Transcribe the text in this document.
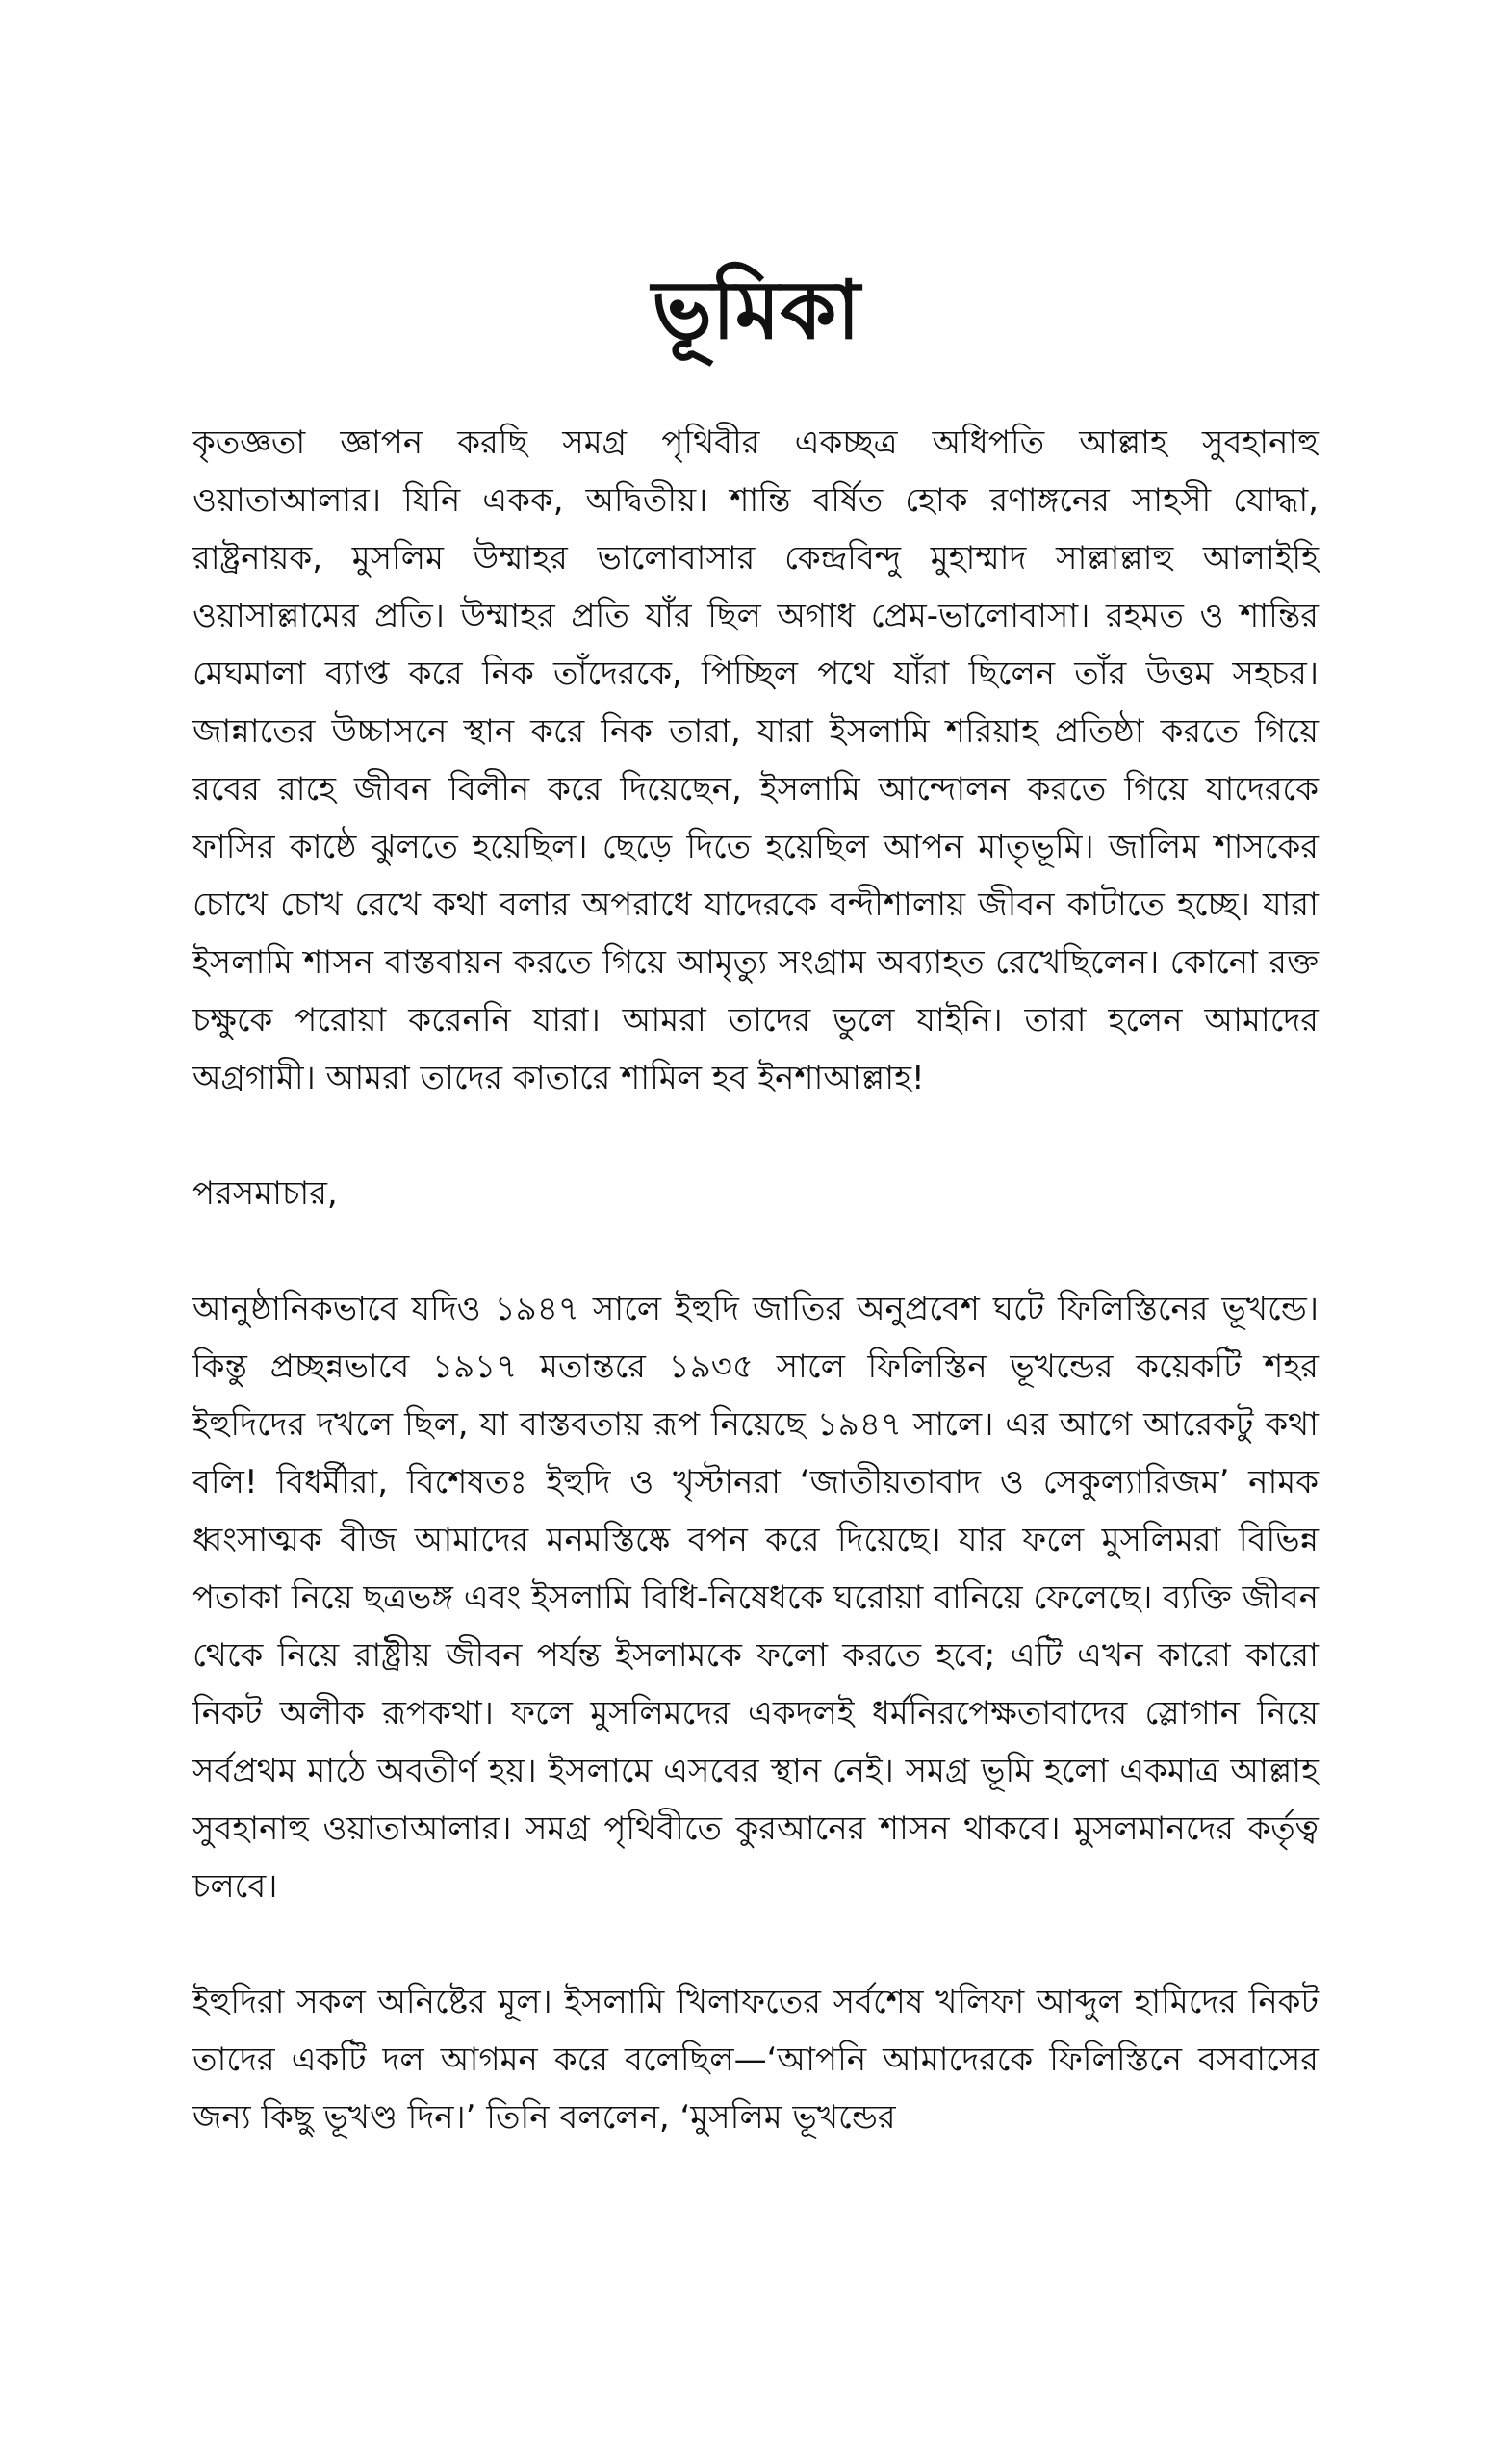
ভূমিকা

কৃতজ্ঞতা জ্ঞাপন করছি সমগ্র পৃথিবীর একচ্ছত্র অধিপতি আল্লাহ সুবহানাহু ওয়াতাআলার। যিনি একক, অদ্বিতীয়। শান্তি বর্ষিত হোক রণাঙ্গনের সাহসী যোদ্ধা, রাষ্ট্রনায়ক, মুসলিম উম্মাহর ভালোবাসার কেন্দ্রবিন্দু মুহাম্মাদ সাল্লাল্লাহু আলাইহি ওয়াসাল্লামের প্রতি। উম্মাহর প্রতি যাঁর ছিল অগাধ প্রেম-ভালোবাসা। রহমত ও শান্তির মেঘমালা ব্যাপ্ত করে নিক তাঁদেরকে, পিচ্ছিল পথে যাঁরা ছিলেন তাঁর উত্তম সহচর। জান্নাতের উচ্চাসনে স্থান করে নিক তারা, যারা ইসলামি শরিয়াহ প্রতিষ্ঠা করতে গিয়ে রবের রাহে জীবন বিলীন করে দিয়েছেন, ইসলামি আন্দোলন করতে গিয়ে যাদেরকে ফাসির কাষ্ঠে ঝুলতে হয়েছিল। ছেড়ে দিতে হয়েছিল আপন মাতৃভূমি। জালিম শাসকের চোখে চোখ রেখে কথা বলার অপরাধে যাদেরকে বন্দীশালায় জীবন কাটাতে হচ্ছে। যারা ইসলামি শাসন বাস্তবায়ন করতে গিয়ে আমৃত্যু সংগ্রাম অব্যাহত রেখেছিলেন। কোনো রক্ত চক্ষুকে পরোয়া করেননি যারা। আমরা তাদের ভুলে যাইনি। তারা হলেন আমাদের অগ্রগামী। আমরা তাদের কাতারে শামিল হব ইনশাআল্লাহ!

পরসমাচার,

আনুষ্ঠানিকভাবে যদিও ১৯৪৭ সালে ইহুদি জাতির অনুপ্রবেশ ঘটে ফিলিস্তিনের ভূখন্ডে। কিন্তু প্রচ্ছন্নভাবে ১৯১৭ মতান্তরে ১৯৩৫ সালে ফিলিস্তিন ভূখন্ডের কয়েকটি শহর ইহুদিদের দখলে ছিল, যা বাস্তবতায় রূপ নিয়েছে ১৯৪৭ সালে। এর আগে আরেকটু কথা বলি! বিধর্মীরা, বিশেষতঃ ইহুদি ও খৃস্টানরা ‘জাতীয়তাবাদ ও সেকুল্যারিজম’ নামক ধ্বংসাত্মক বীজ আমাদের মনমস্তিষ্কে বপন করে দিয়েছে। যার ফলে মুসলিমরা বিভিন্ন পতাকা নিয়ে ছত্রভঙ্গ এবং ইসলামি বিধি-নিষেধকে ঘরোয়া বানিয়ে ফেলেছে। ব্যক্তি জীবন থেকে নিয়ে রাষ্ট্রীয় জীবন পর্যন্ত ইসলামকে ফলো করতে হবে; এটি এখন কারো কারো নিকট অলীক রূপকথা। ফলে মুসলিমদের একদলই ধর্মনিরপেক্ষতাবাদের স্লোগান নিয়ে সর্বপ্রথম মাঠে অবতীর্ণ হয়। ইসলামে এসবের স্থান নেই। সমগ্র ভূমি হলো একমাত্র আল্লাহ সুবহানাহু ওয়াতাআলার। সমগ্র পৃথিবীতে কুরআনের শাসন থাকবে। মুসলমানদের কর্তৃত্ব চলবে।

ইহুদিরা সকল অনিষ্টের মূল। ইসলামি খিলাফতের সর্বশেষ খলিফা আব্দুল হামিদের নিকট তাদের একটি দল আগমন করে বলেছিল—‘আপনি আমাদেরকে ফিলিস্তিনে বসবাসের জন্য কিছু ভূখণ্ড দিন।’ তিনি বললেন, ‘মুসলিম ভূখন্ডের
